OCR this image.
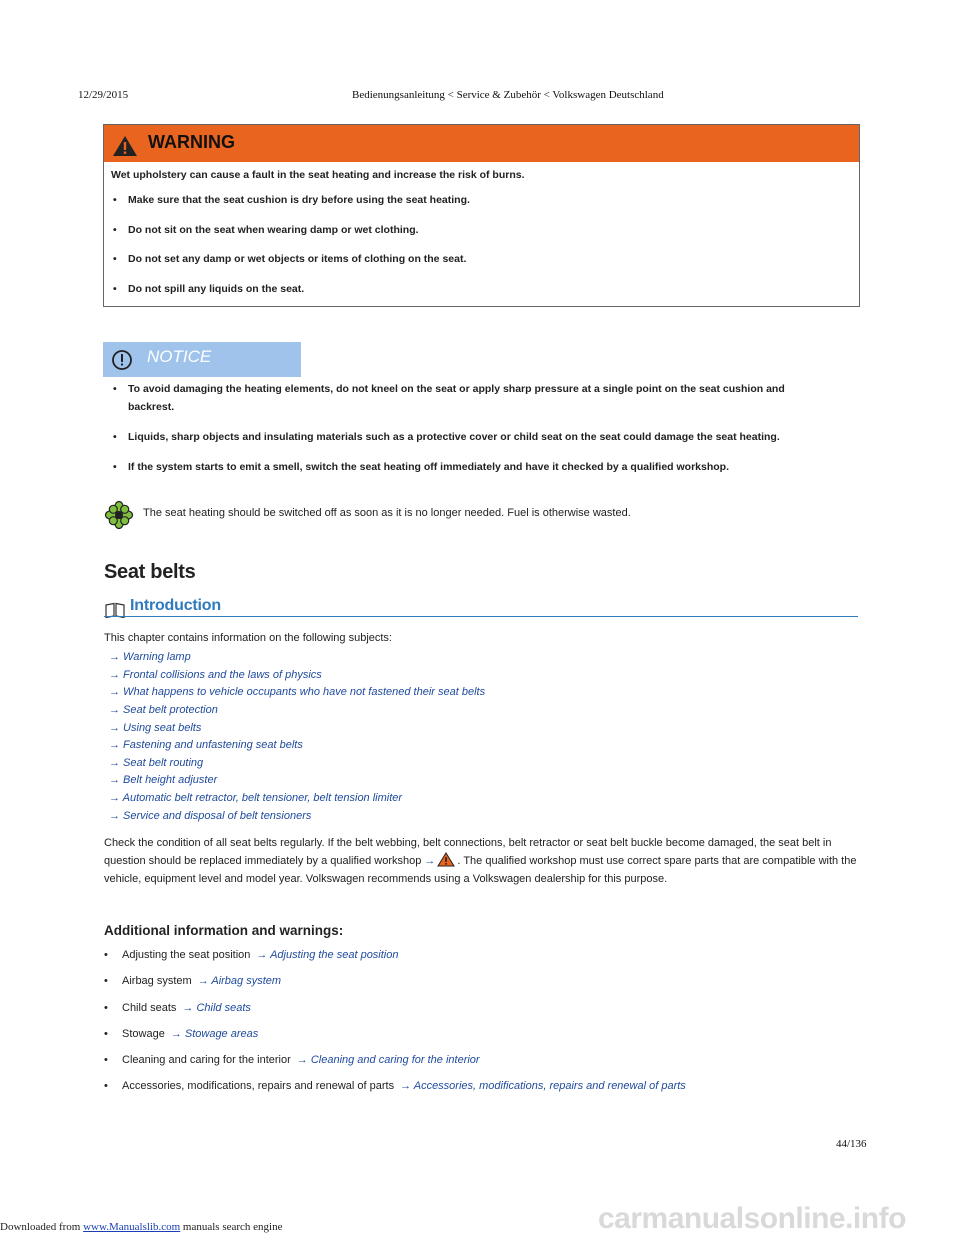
12/29/2015	Bedienungsanleitung < Service & Zubehör < Volkswagen Deutschland
WARNING
Wet upholstery can cause a fault in the seat heating and increase the risk of burns.
• Make sure that the seat cushion is dry before using the seat heating.
• Do not sit on the seat when wearing damp or wet clothing.
• Do not set any damp or wet objects or items of clothing on the seat.
• Do not spill any liquids on the seat.
NOTICE
• To avoid damaging the heating elements, do not kneel on the seat or apply sharp pressure at a single point on the seat cushion and
backrest.
• Liquids, sharp objects and insulating materials such as a protective cover or child seat on the seat could damage the seat heating.
• If the system starts to emit a smell, switch the seat heating off immediately and have it checked by a qualified workshop.
The seat heating should be switched off as soon as it is no longer needed. Fuel is otherwise wasted.
Seat belts
Introduction
This chapter contains information on the following subjects:
→ Warning lamp
→ Frontal collisions and the laws of physics
→ What happens to vehicle occupants who have not fastened their seat belts
→ Seat belt protection
→ Using seat belts
→ Fastening and unfastening seat belts
→ Seat belt routing
→ Belt height adjuster
→ Automatic belt retractor, belt tensioner, belt tension limiter
→ Service and disposal of belt tensioners
Check the condition of all seat belts regularly. If the belt webbing, belt connections, belt retractor or seat belt buckle become damaged, the seat belt in question should be replaced immediately by a qualified workshop → . The qualified workshop must use correct spare parts that are compatible with the vehicle, equipment level and model year. Volkswagen recommends using a Volkswagen dealership for this purpose.
Additional information and warnings:
• Adjusting the seat position → Adjusting the seat position
• Airbag system → Airbag system
• Child seats → Child seats
• Stowage → Stowage areas
• Cleaning and caring for the interior → Cleaning and caring for the interior
• Accessories, modifications, repairs and renewal of parts → Accessories, modifications, repairs and renewal of parts
44/136
carmanualsonline.info
Downloaded from www.Manualslib.com manuals search engine
